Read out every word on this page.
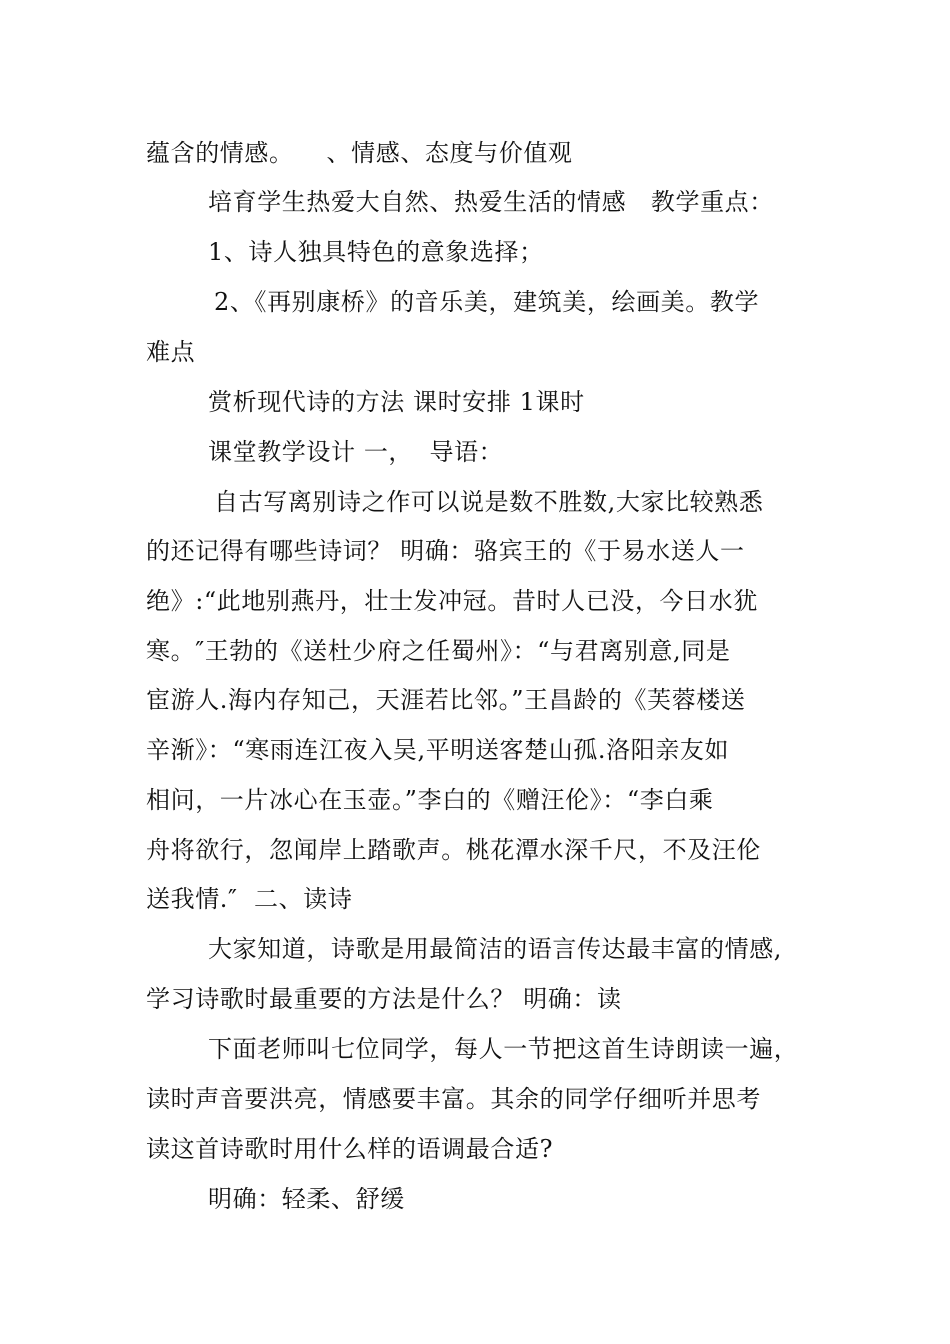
蕴含的情感。    、情感、态度与价值观
培育学生热爱大自然、热爱生活的情感   教学重点：
1、诗人独具特色的意象选择；
2、《再别康桥》的音乐美，建筑美，绘画美。教学
难点
赏析现代诗的方法 课时安排 1课时
课堂教学设计 一，  导语：
自古写离别诗之作可以说是数不胜数,大家比较熟悉
的还记得有哪些诗词？ 明确：骆宾王的《于易水送人一
绝》:“此地别燕丹，壮士发冲冠。昔时人已没，今日水犹
寒。″王勃的《送杜少府之任蜀州》：“与君离别意,同是
宦游人.海内存知己，天涯若比邻。”王昌龄的《芙蓉楼送
辛渐》：“寒雨连江夜入吴,平明送客楚山孤.洛阳亲友如
相问，一片冰心在玉壶。”李白的《赠汪伦》：“李白乘
舟将欲行，忽闻岸上踏歌声。桃花潭水深千尺，不及汪伦
送我情.″  二、读诗
大家知道，诗歌是用最简洁的语言传达最丰富的情感,
学习诗歌时最重要的方法是什么？ 明确：读
下面老师叫七位同学，每人一节把这首生诗朗读一遍，
读时声音要洪亮，情感要丰富。其余的同学仔细听并思考
读这首诗歌时用什么样的语调最合适?
明确：轻柔、舒缓
